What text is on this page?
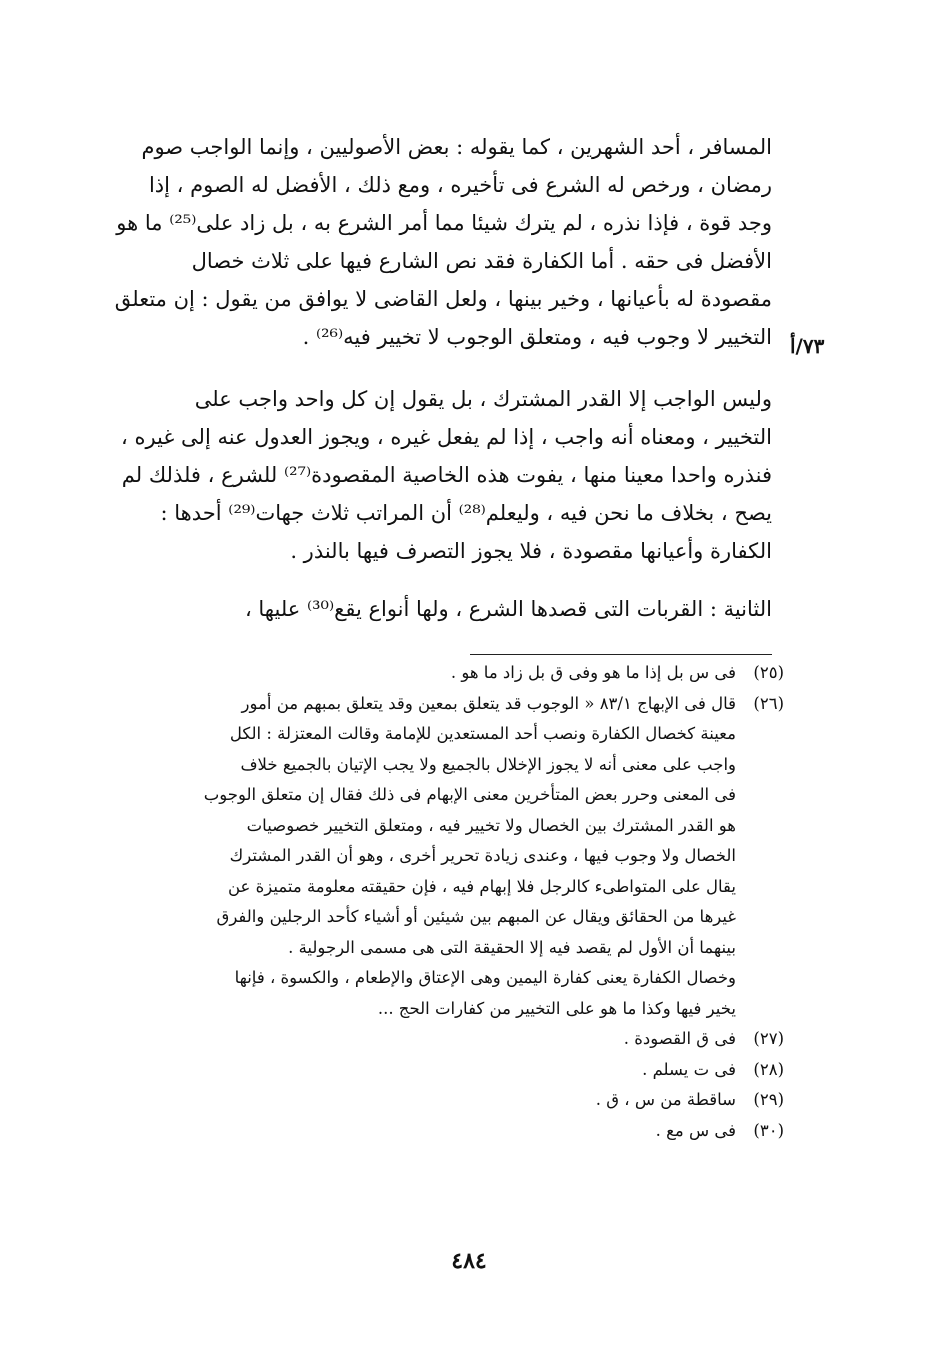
المسافر ، أحد الشهرين ، كما يقوله : بعض الأصوليين ، وإنما الواجب صوم
رمضان ، ورخص له الشرع فى تأخيره ، ومع ذلك ، الأفضل له الصوم ، إذا
وجد قوة ، فإذا نذره ، لم يترك شيئا مما أمر الشرع به ، بل زاد على⁽²⁵⁾ ما هو
الأفضل فى حقه . أما الكفارة فقد نص الشارع فيها على ثلاث خصال
مقصودة له بأعيانها ، وخير بينها ، ولعل القاضى لا يوافق من يقول : إن متعلق
التخيير لا وجوب فيه ، ومتعلق الوجوب لا تخيير فيه⁽²⁶⁾ . ٧٣/أ
وليس الواجب إلا القدر المشترك ، بل يقول إن كل واحد واجب على
التخيير ، ومعناه أنه واجب ، إذا لم يفعل غيره ، ويجوز العدول عنه إلى غيره ،
فنذره واحدا معينا منها ، يفوت هذه الخاصية المقصودة⁽²⁷⁾ للشرع ، فلذلك لم
يصح ، بخلاف ما نحن فيه ، وليعلم⁽²⁸⁾ أن المراتب ثلاث جهات⁽²⁹⁾ أحدها :
الكفارة وأعيانها مقصودة ، فلا يجوز التصرف فيها بالنذر .
الثانية : القربات التى قصدها الشرع ، ولها أنواع يقع⁽³⁰⁾ عليها ،
(٢٥)
فى س بل إذا ما هو وفى ق بل زاد ما هو .
(٢٦)
قال فى الإبهاج ٨٣/١ « الوجوب قد يتعلق بمعين وقد يتعلق بمبهم من أمور
معينة كخصال الكفارة ونصب أحد المستعدين للإمامة وقالت المعتزلة : الكل
واجب على معنى أنه لا يجوز الإخلال بالجميع ولا يجب الإتيان بالجميع خلاف
فى المعنى وحرر بعض المتأخرين معنى الإبهام فى ذلك فقال إن متعلق الوجوب
هو القدر المشترك بين الخصال ولا تخيير فيه ، ومتعلق التخيير خصوصيات
الخصال ولا وجوب فيها ، وعندى زيادة تحرير أخرى ، وهو أن القدر المشترك
يقال على المتواطىء كالرجل فلا إبهام فيه ، فإن حقيقته معلومة متميزة عن
غيرها من الحقائق ويقال عن المبهم بين شيئين أو أشياء كأحد الرجلين والفرق
بينهما أن الأول لم يقصد فيه إلا الحقيقة التى هى مسمى الرجولية .
وخصال الكفارة يعنى كفارة اليمين وهى الإعتاق والإطعام ، والكسوة ، فإنها
يخير فيها وكذا ما هو على التخيير من كفارات الحج ...
(٢٧)
فى ق القصودة .
(٢٨)
فى ت يسلم .
(٢٩)
ساقطة من س ، ق .
(٣٠)
فى س مع .
٤٨٤
